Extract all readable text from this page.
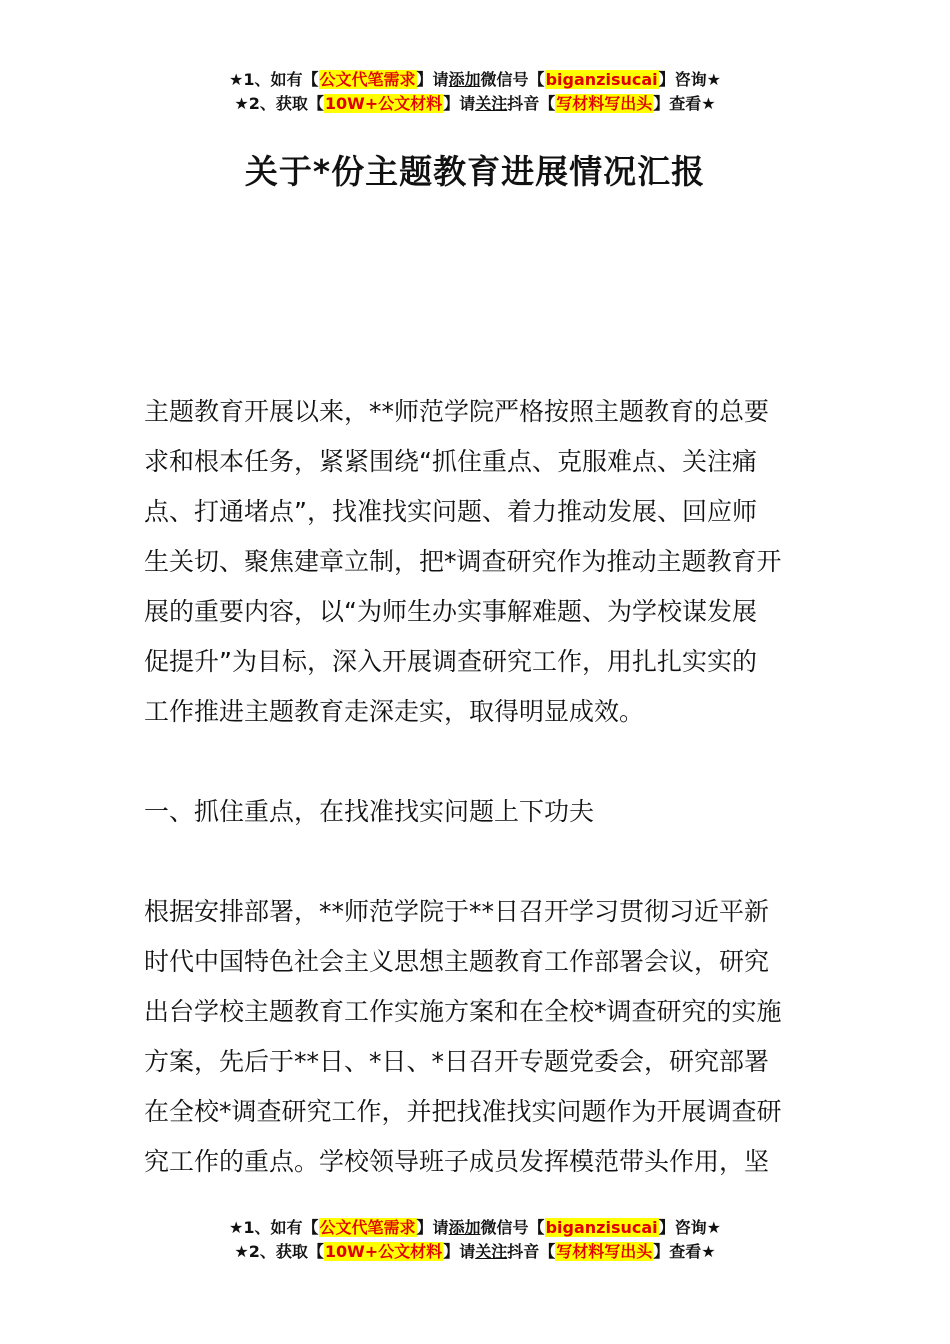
★1、如有【公文代笔需求】请添加微信号【biganzisucai】咨询★
★2、获取【10W+公文材料】请关注抖音【写材料写出头】查看★
关于*份主题教育进展情况汇报

主题教育开展以来，**师范学院严格按照主题教育的总要

求和根本任务，紧紧围绕“抓住重点、克服难点、关注痛

点、打通堵点”，找准找实问题、着力推动发展、回应师

生关切、聚焦建章立制，把*调查研究作为推动主题教育开

展的重要内容，以“为师生办实事解难题、为学校谋发展

促提升”为目标，深入开展调查研究工作，用扎扎实实的

工作推进主题教育走深走实，取得明显成效。

一、抓住重点，在找准找实问题上下功夫

根据安排部署，**师范学院于**日召开学习贯彻习近平新

时代中国特色社会主义思想主题教育工作部署会议，研究

出台学校主题教育工作实施方案和在全校*调查研究的实施

方案，先后于**日、*日、*日召开专题党委会，研究部署

在全校*调查研究工作，并把找准找实问题作为开展调查研

究工作的重点。学校领导班子成员发挥模范带头作用，坚

★1、如有【公文代笔需求】请添加微信号【biganzisucai】咨询★
★2、获取【10W+公文材料】请关注抖音【写材料写出头】查看★
